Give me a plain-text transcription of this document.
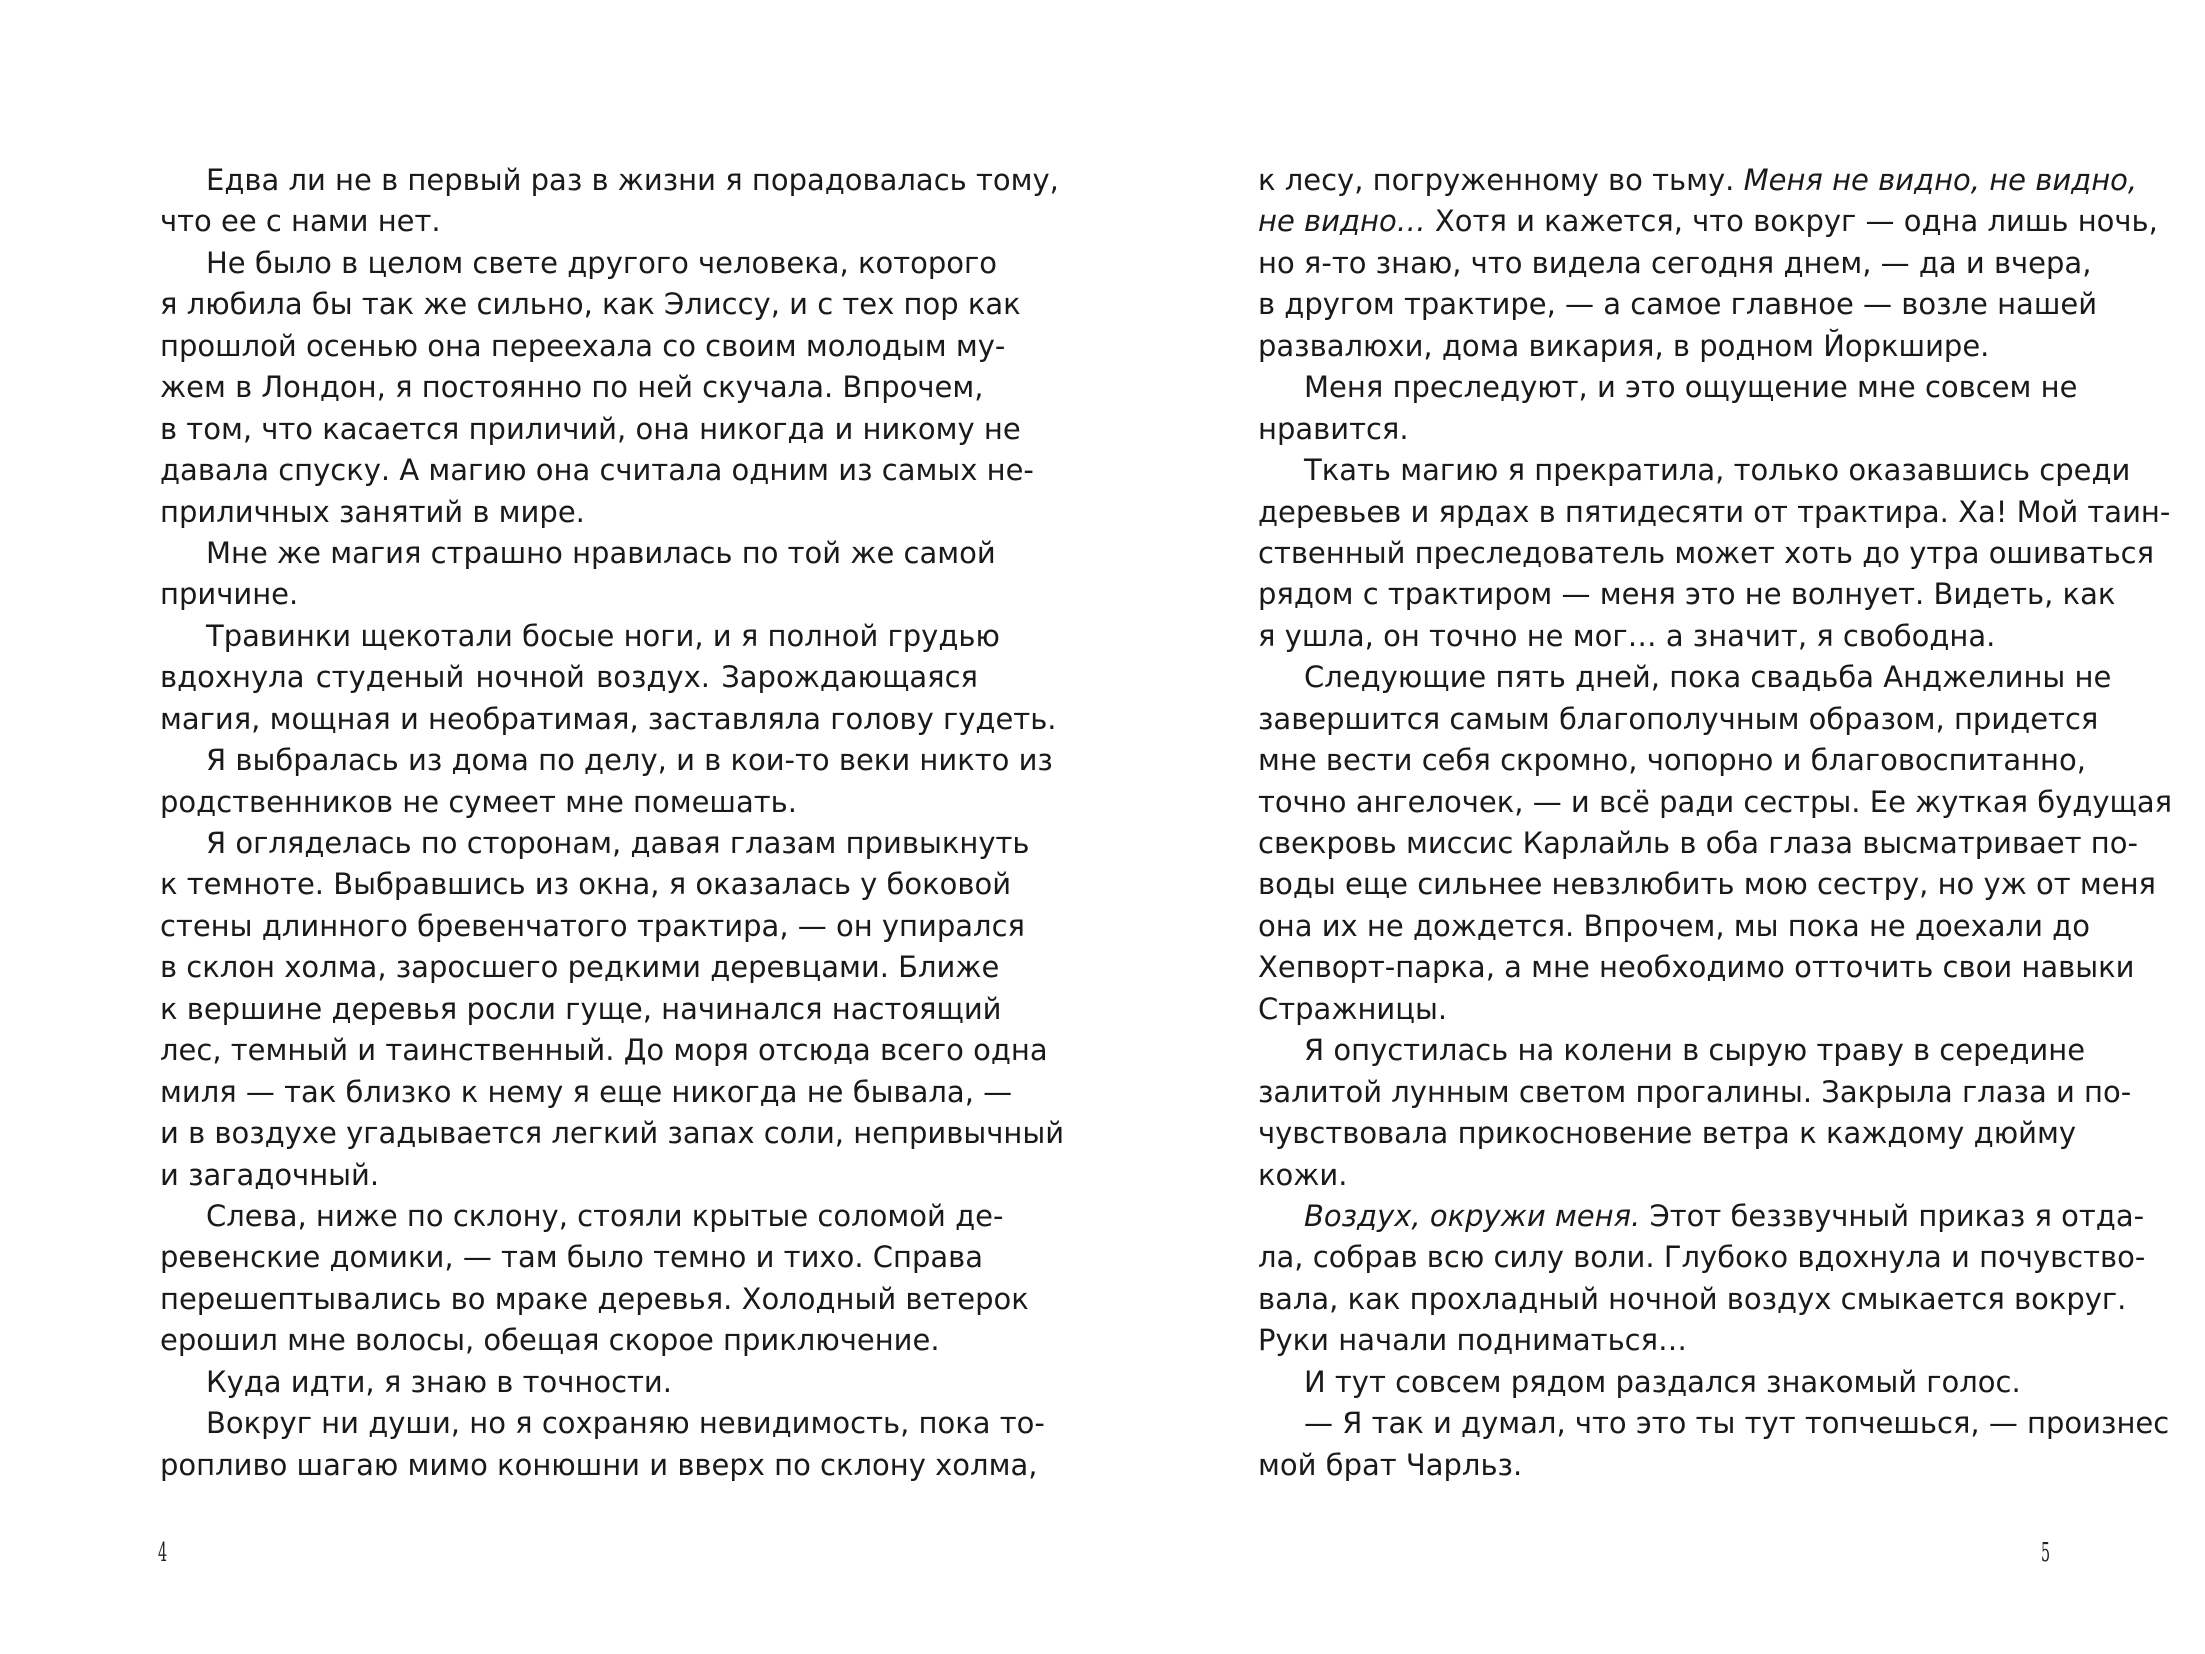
Едва ли не в первый раз в жизни я порадовалась тому,
что ее с нами нет.
Не было в целом свете другого человека, которого
я любила бы так же сильно, как Элиссу, и с тех пор как
прошлой осенью она переехала со своим молодым му-
жем в Лондон, я постоянно по ней скучала. Впрочем,
в том, что касается приличий, она никогда и никому не
давала спуску. А магию она считала одним из самых не-
приличных занятий в мире.
Мне же магия страшно нравилась по той же самой
причине.
Травинки щекотали босые ноги, и я полной грудью
вдохнула студеный ночной воздух. Зарождающаяся
магия, мощная и необратимая, заставляла голову гудеть.
Я выбралась из дома по делу, и в кои-то веки никто из
родственников не сумеет мне помешать.
Я огляделась по сторонам, давая глазам привыкнуть
к темноте. Выбравшись из окна, я оказалась у боковой
стены длинного бревенчатого трактира, — он упирался
в склон холма, заросшего редкими деревцами. Ближе
к вершине деревья росли гуще, начинался настоящий
лес, темный и таинственный. До моря отсюда всего одна
миля — так близко к нему я еще никогда не бывала, —
и в воздухе угадывается легкий запах соли, непривычный
и загадочный.
Слева, ниже по склону, стояли крытые соломой де-
ревенские домики, — там было темно и тихо. Справа
перешептывались во мраке деревья. Холодный ветерок
ерошил мне волосы, обещая скорое приключение.
Куда идти, я знаю в точности.
Вокруг ни души, но я сохраняю невидимость, пока то-
ропливо шагаю мимо конюшни и вверх по склону холма,
4
к лесу, погруженному во тьму. Меня не видно, не видно,
не видно… Хотя и кажется, что вокруг — одна лишь ночь,
но я-то знаю, что видела сегодня днем, — да и вчера,
в другом трактире, — а самое главное — возле нашей
развалюхи, дома викария, в родном Йоркшире.
Меня преследуют, и это ощущение мне совсем не
нравится.
Ткать магию я прекратила, только оказавшись среди
деревьев и ярдах в пятидесяти от трактира. Ха! Мой таин-
ственный преследователь может хоть до утра ошиваться
рядом с трактиром — меня это не волнует. Видеть, как
я ушла, он точно не мог… а значит, я свободна.
Следующие пять дней, пока свадьба Анджелины не
завершится самым благополучным образом, придется
мне вести себя скромно, чопорно и благовоспитанно,
точно ангелочек, — и всё ради сестры. Ее жуткая будущая
свекровь миссис Карлайль в оба глаза высматривает по-
воды еще сильнее невзлюбить мою сестру, но уж от меня
она их не дождется. Впрочем, мы пока не доехали до
Хепворт-парка, а мне необходимо отточить свои навыки
Стражницы.
Я опустилась на колени в сырую траву в середине
залитой лунным светом прогалины. Закрыла глаза и по-
чувствовала прикосновение ветра к каждому дюйму
кожи.
Воздух, окружи меня. Этот беззвучный приказ я отда-
ла, собрав всю силу воли. Глубоко вдохнула и почувство-
вала, как прохладный ночной воздух смыкается вокруг.
Руки начали подниматься…
И тут совсем рядом раздался знакомый голос.
— Я так и думал, что это ты тут топчешься, — произнес
мой брат Чарльз.
5
